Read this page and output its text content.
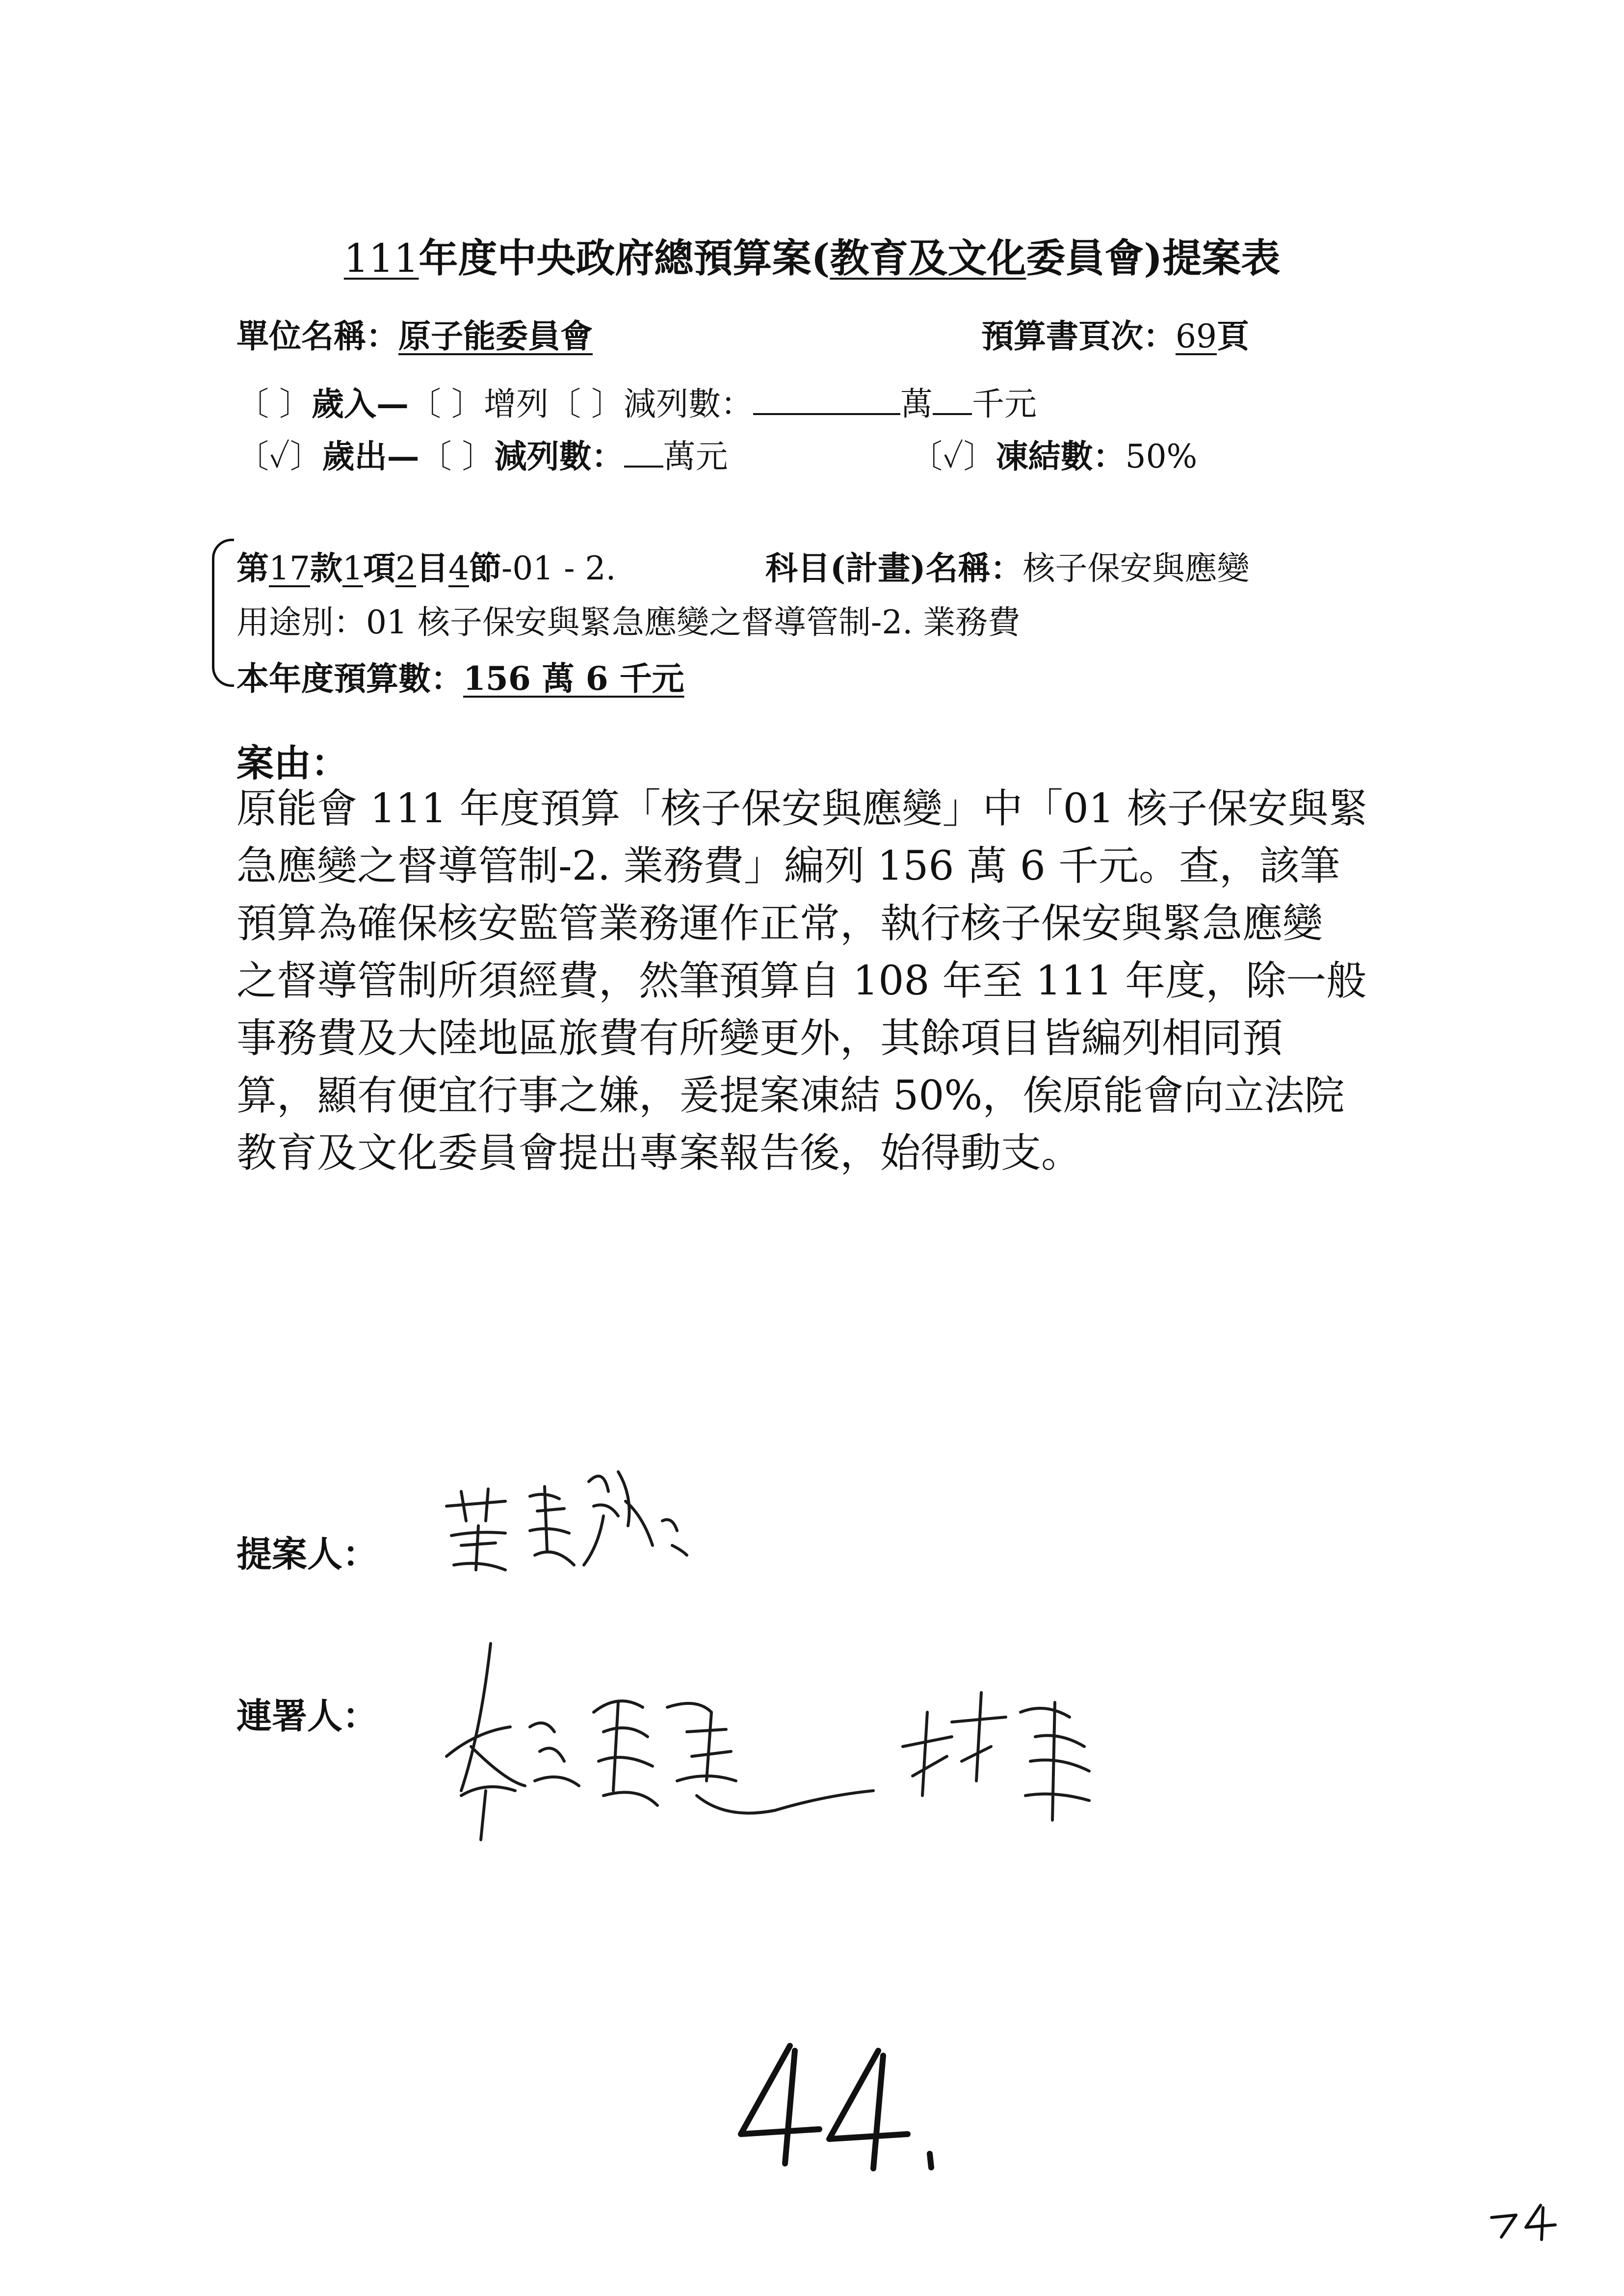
111年度中央政府總預算案(教育及文化委員會)提案表
單位名稱：原子能委員會	預算書頁次：69頁
〔 〕歲入—〔 〕增列〔 〕減列數：	萬 千元
〔✓〕歲出—〔 〕減列數： 萬元	〔✓〕凍結數：50%
第17款1項2目4節-01 - 2.	科目(計畫)名稱：核子保安與應變
用途別：01 核子保安與緊急應變之督導管制-2. 業務費
本年度預算數：156 萬 6 千元
案由：
原能會 111 年度預算「核子保安與應變」中「01 核子保安與緊
急應變之督導管制-2. 業務費」編列 156 萬 6 千元。查，該筆
預算為確保核安監管業務運作正常，執行核子保安與緊急應變
之督導管制所須經費，然筆預算自 108 年至 111 年度，除一般
事務費及大陸地區旅費有所變更外，其餘項目皆編列相同預
算，顯有便宜行事之嫌，爰提案凍結 50%，俟原能會向立法院
教育及文化委員會提出專案報告後，始得動支。
提案人：
連署人：
